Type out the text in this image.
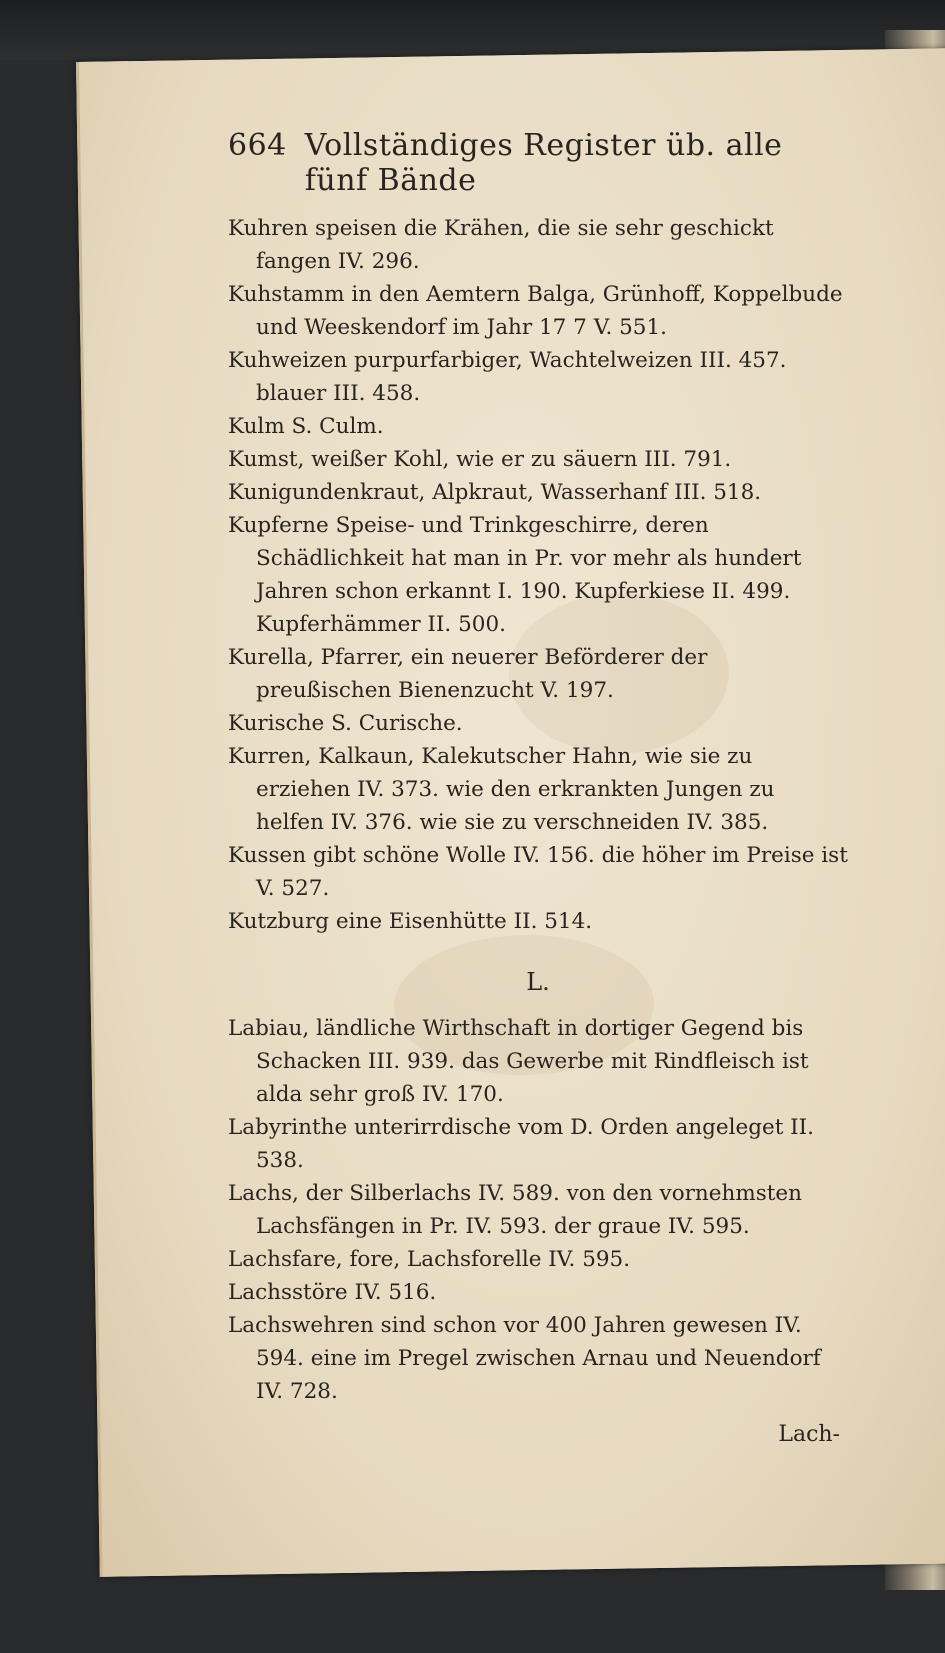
664 Vollständiges Register üb. alle fünf Bände

Kuhren speisen die Krähen, die sie sehr geschickt fangen IV. 296.

Kuhstamm in den Aemtern Balga, Grünhoff, Koppelbude und Weeskendorf im Jahr 17 7 V. 551.

Kuhweizen purpurfarbiger, Wachtelweizen III. 457. blauer III. 458.

Kulm S. Culm.

Kumst, weißer Kohl, wie er zu säuern III. 791.

Kunigundenkraut, Alpkraut, Wasserhanf III. 518.

Kupferne Speise- und Trinkgeschirre, deren Schädlichkeit hat man in Pr. vor mehr als hundert Jahren schon erkannt I. 190. Kupferkiese II. 499. Kupferhämmer II. 500.

Kurella, Pfarrer, ein neuerer Beförderer der preußischen Bienenzucht V. 197.

Kurische S. Curische.

Kurren, Kalkaun, Kalekutscher Hahn, wie sie zu erziehen IV. 373. wie den erkrankten Jungen zu helfen IV. 376. wie sie zu verschneiden IV. 385.

Kussen gibt schöne Wolle IV. 156. die höher im Preise ist V. 527.

Kutzburg eine Eisenhütte II. 514.

L.

Labiau, ländliche Wirthschaft in dortiger Gegend bis Schacken III. 939. das Gewerbe mit Rindfleisch ist alda sehr groß IV. 170.

Labyrinthe unterirrdische vom D. Orden angeleget II. 538.

Lachs, der Silberlachs IV. 589. von den vornehmsten Lachsfängen in Pr. IV. 593. der graue IV. 595.

Lachsfare, fore, Lachsforelle IV. 595.

Lachsstöre IV. 516.

Lachswehren sind schon vor 400 Jahren gewesen IV. 594. eine im Pregel zwischen Arnau und Neuendorf IV. 728.

Lach-
